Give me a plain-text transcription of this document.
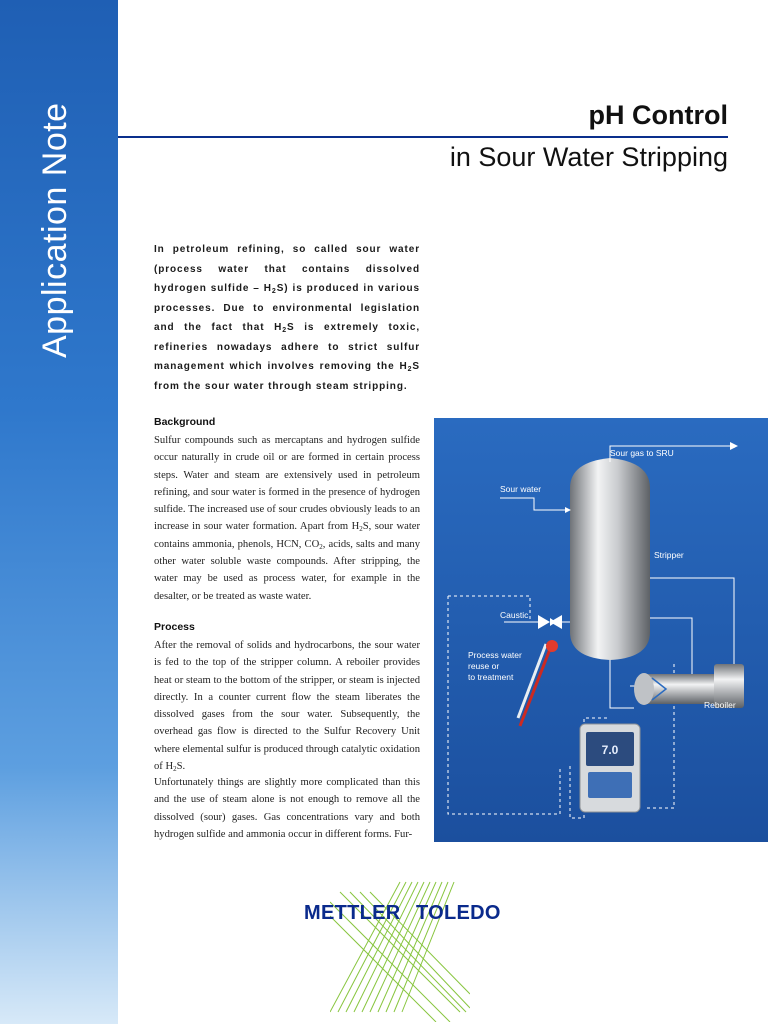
Application Note	pH Control
in Sour Water Stripping
In petroleum refining, so called sour water (process water that contains dissolved hydrogen sulfide – $H_2S$) is produced in various processes. Due to environmental legislation and the fact that $H_2S$ is extremely toxic, refineries nowadays adhere to strict sulfur management which involves removing the $H_2S$ from the sour water through steam stripping.
Background
Sulfur compounds such as mercaptans and hydrogen sulfide occur naturally in crude oil or are formed in certain process steps. Water and steam are extensively used in petroleum refining, and sour water is formed in the presence of hydrogen sulfide. The increased use of sour crudes obviously leads to an increase in sour water formation. Apart from $H_2S$, sour water contains ammonia, phenols, HCN, $CO_2$, acids, salts and many other water soluble waste compounds. After stripping, the water may be used as process water, for example in the desalter, or be treated as waste water.
Process
After the removal of solids and hydrocarbons, the sour water is fed to the top of the stripper column. A reboiler provides heat or steam to the bottom of the stripper, or steam is injected directly. In a counter current flow the steam liberates the dissolved gases from the sour water. Subsequently, the overhead gas flow is directed to the Sulfur Recovery Unit where elemental sulfur is produced through catalytic oxidation of $H_2S$.
Unfortunately things are slightly more complicated than this and the use of steam alone is not enough to remove all the dissolved (sour) gases. Gas concentrations vary and both hydrogen sulfide and ammonia occur in different forms. Fur-
7.0
Sour gas to SRU
Sour water
Stripper
Caustic
Process water
reuse or
to treatment
Reboiler
METTLER TOLEDO
